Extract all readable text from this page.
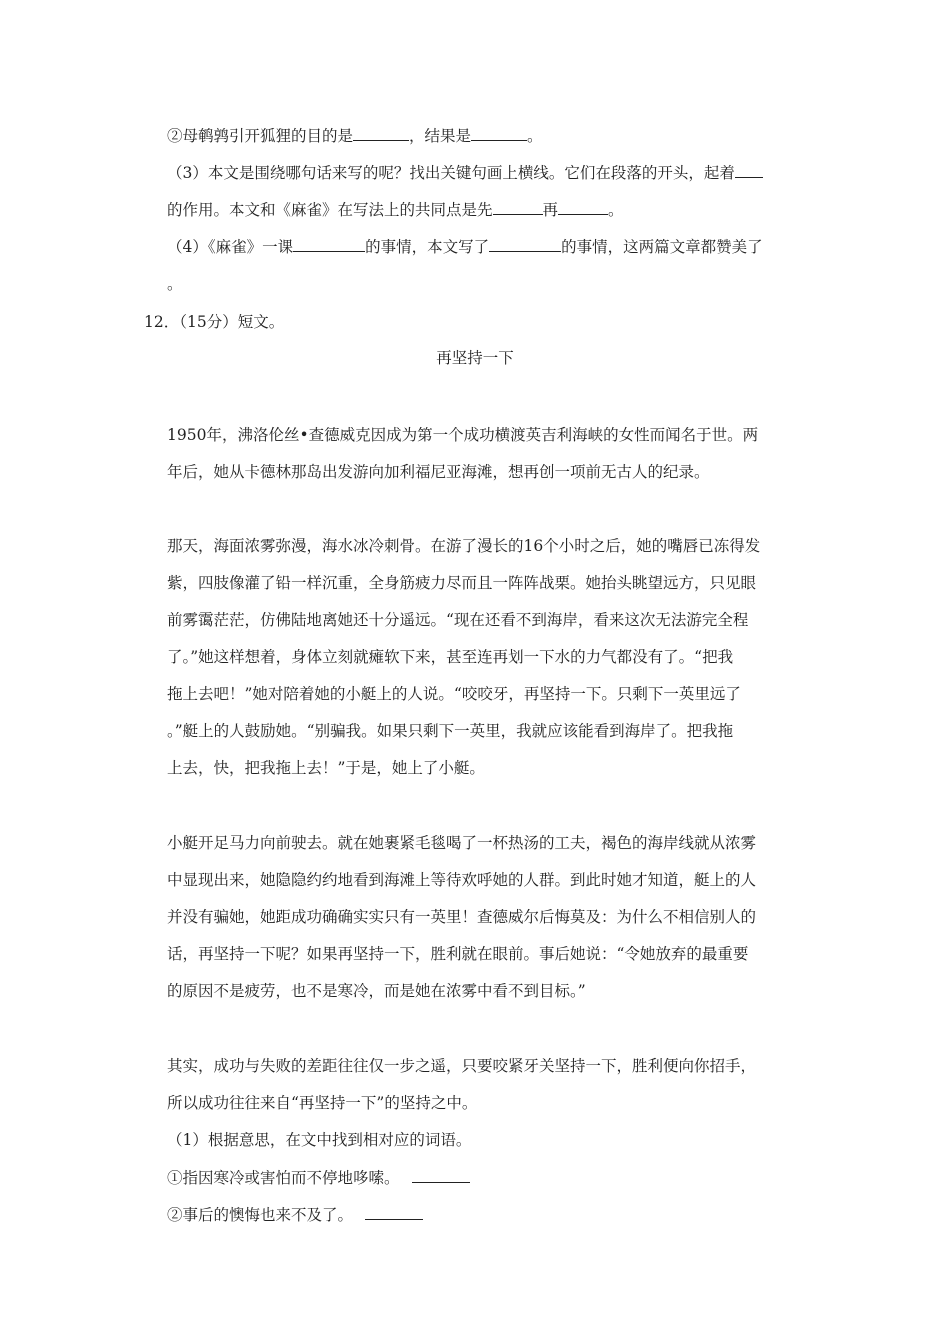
②母鹌鹑引开狐狸的目的是	，结果是	。
（3）本文是围绕哪句话来写的呢？找出关键句画上横线。它们在段落的开头，起着
的作用。本文和《麻雀》在写法上的共同点是先	再	。
（4）《麻雀》一课	的事情，本文写了	的事情，这两篇文章都赞美了
。
12．（15分）短文。
再坚持一下
1950年，沸洛伦丝•查德威克因成为第一个成功横渡英吉利海峡的女性而闻名于世。两
年后，她从卡德林那岛出发游向加利福尼亚海滩，想再创一项前无古人的纪录。
那天，海面浓雾弥漫，海水冰冷刺骨。在游了漫长的16个小时之后，她的嘴唇已冻得发
紫，四肢像灌了铅一样沉重，全身筋疲力尽而且一阵阵战栗。她抬头眺望远方，只见眼
前雾霭茫茫，仿佛陆地离她还十分遥远。“现在还看不到海岸，看来这次无法游完全程
了。”她这样想着，身体立刻就瘫软下来，甚至连再划一下水的力气都没有了。“把我
拖上去吧！”她对陪着她的小艇上的人说。“咬咬牙，再坚持一下。只剩下一英里远了
。”艇上的人鼓励她。“别骗我。如果只剩下一英里，我就应该能看到海岸了。把我拖
上去，快，把我拖上去！”于是，她上了小艇。
小艇开足马力向前驶去。就在她裹紧毛毯喝了一杯热汤的工夫，褐色的海岸线就从浓雾
中显现出来，她隐隐约约地看到海滩上等待欢呼她的人群。到此时她才知道，艇上的人
并没有骗她，她距成功确确实实只有一英里！查德威尔后悔莫及：为什么不相信别人的
话，再坚持一下呢？如果再坚持一下，胜利就在眼前。事后她说：“令她放弃的最重要
的原因不是疲劳，也不是寒冷，而是她在浓雾中看不到目标。”
其实，成功与失败的差距往往仅一步之遥，只要咬紧牙关坚持一下，胜利便向你招手，
所以成功往往来自“再坚持一下”的坚持之中。
（1）根据意思，在文中找到相对应的词语。
①指因寒冷或害怕而不停地哆嗦。
②事后的懊悔也来不及了。
